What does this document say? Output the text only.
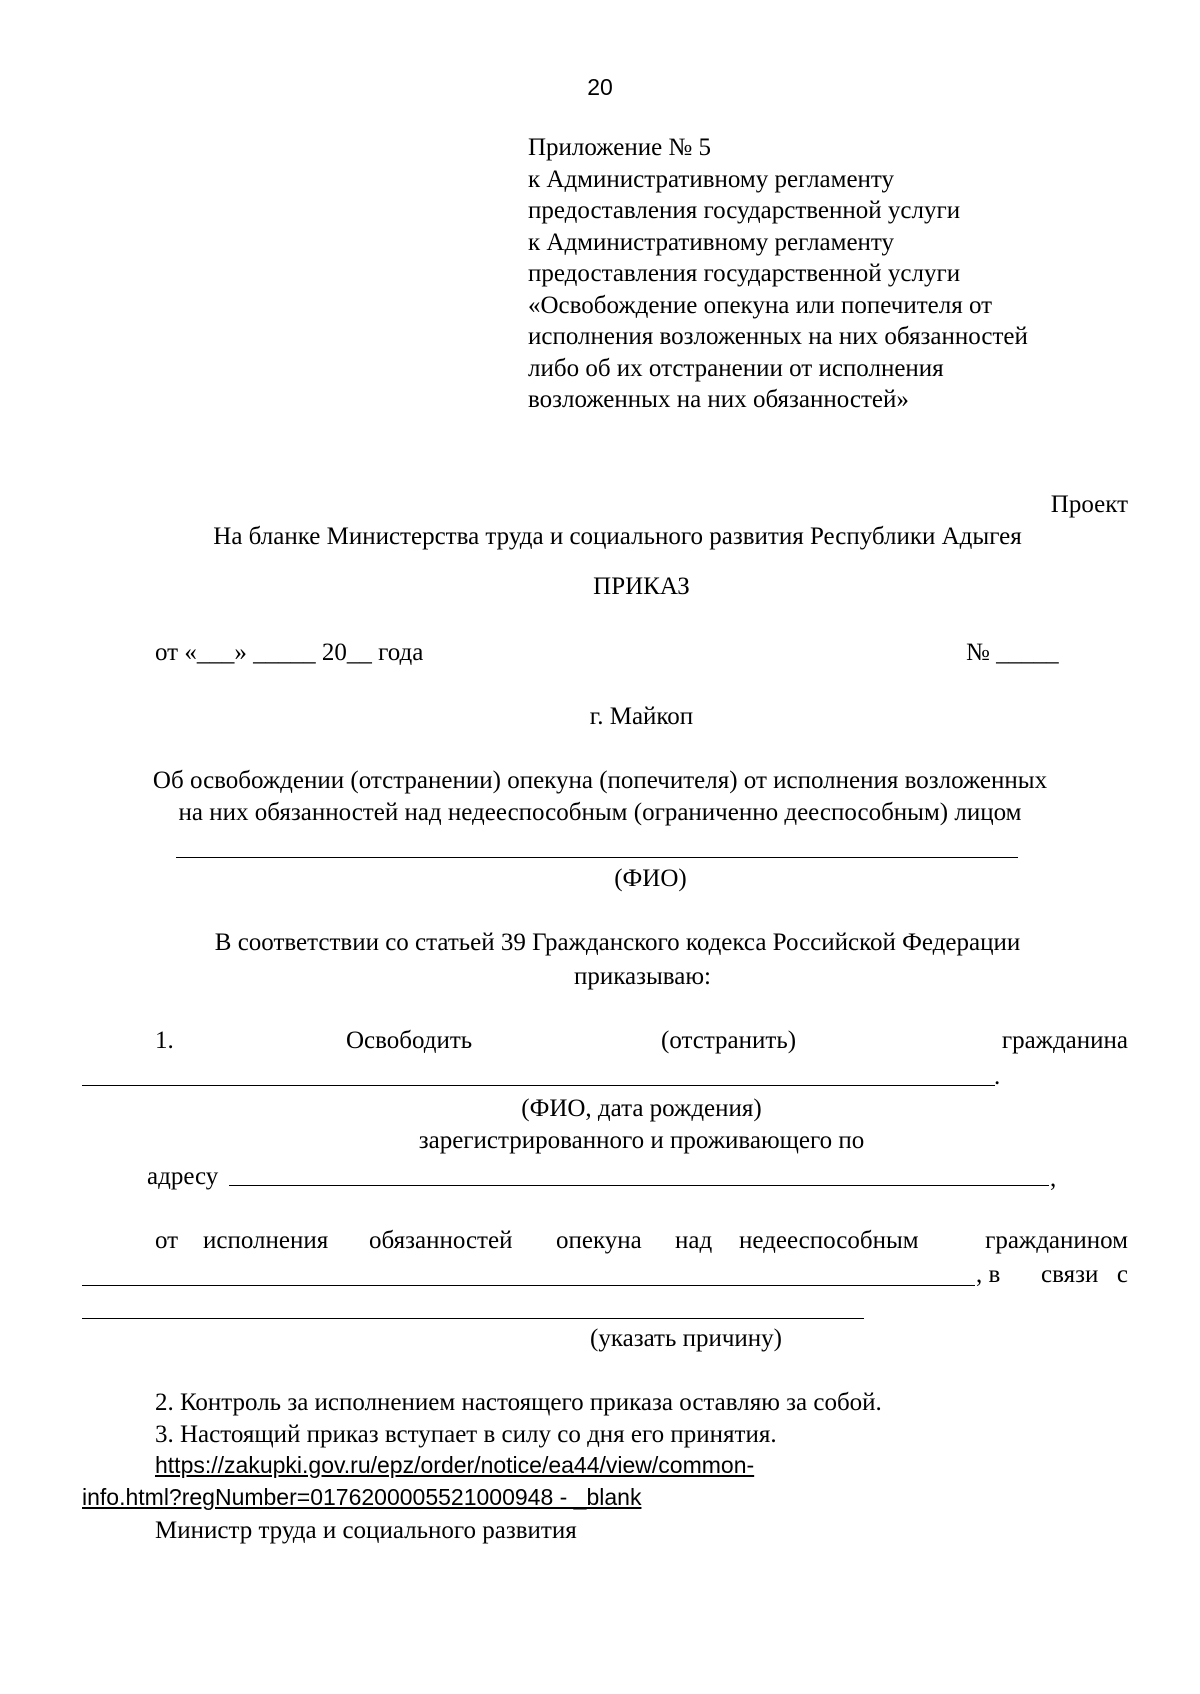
20
Приложение № 5
к Административному регламенту
предоставления государственной услуги
к Административному регламенту
предоставления государственной услуги
«Освобождение опекуна или попечителя от
исполнения возложенных на них обязанностей
либо об их отстранении от исполнения
возложенных на них обязанностей»
Проект
На бланке Министерства труда и социального развития Республики Адыгея
ПРИКАЗ
от «___» _____ 20__ года	№ _____
г. Майкоп
Об освобождении (отстранении) опекуна (попечителя) от исполнения возложенных
на них обязанностей над недееспособным (ограниченно дееспособным) лицом
(ФИО)
В соответствии со статьей 39 Гражданского кодекса Российской Федерации
приказываю:
1.	Освободить	(отстранить)	гражданина
.
(ФИО, дата рождения)
зарегистрированного и проживающего по
адресу	,
от исполнения обязанностей опекуна над недееспособным	гражданином
, в связи с
(указать причину)
2. Контроль за исполнением настоящего приказа оставляю за собой.
3. Настоящий приказ вступает в силу со дня его принятия.
https://zakupki.gov.ru/epz/order/notice/ea44/view/common-
info.html?regNumber=0176200005521000948 - _blank
Министр труда и социального развития
